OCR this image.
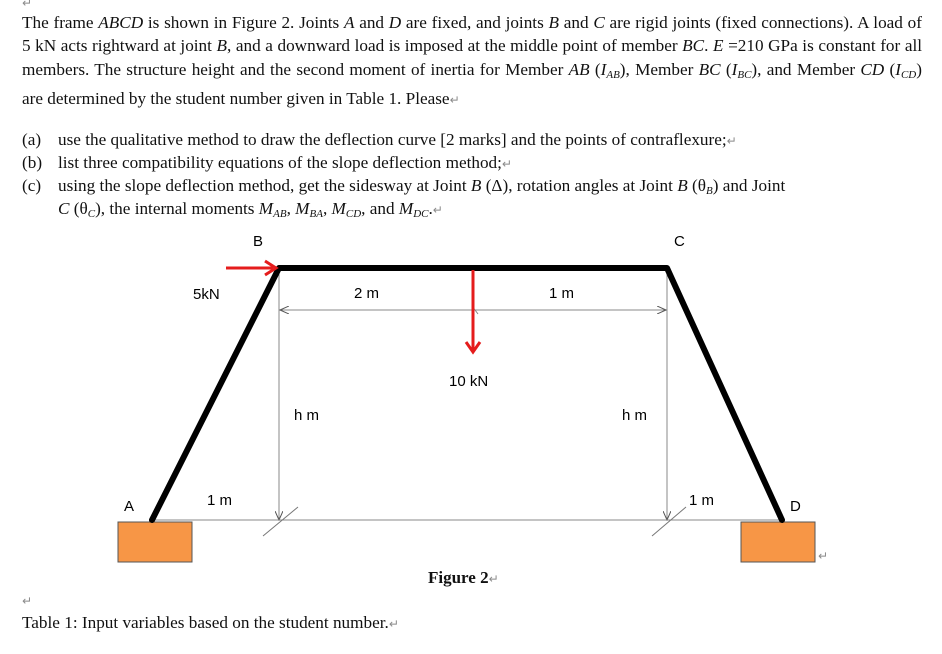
↵
The frame ABCD is shown in Figure 2. Joints A and D are fixed, and joints B and C are rigid joints (fixed connections). A load of 5 kN acts rightward at joint B, and a downward load is imposed at the middle point of member BC. E =210 GPa is constant for all members. The structure height and the second moment of inertia for Member AB $(I_{AB})$, Member BC $(I_{BC})$, and Member CD $(I_{CD})$ are determined by the student number given in Table 1. Please↵
(a) use the qualitative method to draw the deflection curve [2 marks] and the points of contraflexure;↵
(b) list three compatibility equations of the slope deflection method;↵
(c) using the slope deflection method, get the sidesway at Joint B (Δ), rotation angles at Joint B $(\theta_B)$ and Joint
C $(\theta_C)$, the internal moments $M_{AB}$, $M_{BA}$, $M_{CD}$, and $M_{DC}.↵$
B	C
A	D
5kN
10 kN
2 m	1 m
h m	h m
1 m	1 m
↵
Figure 2↵
↵
Table 1: Input variables based on the student number.↵
